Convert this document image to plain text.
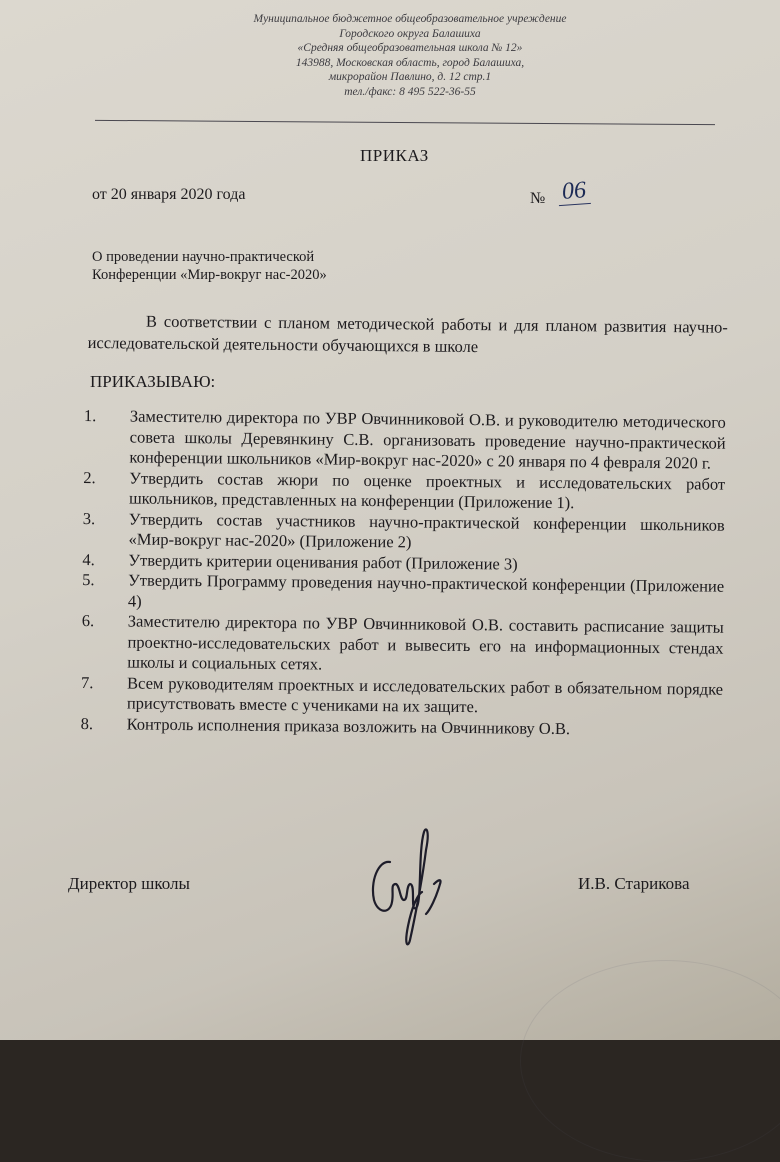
Муниципальное бюджетное общеобразовательное учреждение
Городского округа Балашиха
«Средняя общеобразовательная школа № 12»
143988, Московская область, город Балашиха,
микрорайон Павлино, д. 12 стр.1
тел./факс: 8 495 522-36-55
ПРИКАЗ
от 20 января 2020 года	№ 06
О проведении научно-практической
Конференции «Мир-вокруг нас-2020»
В соответствии с планом методической работы и для планом развития научно-исследовательской деятельности обучающихся в школе
ПРИКАЗЫВАЮ:
1.	Заместителю директора по УВР Овчинниковой О.В. и руководителю методического совета школы Деревянкину С.В. организовать проведение научно-практической конференции школьников «Мир-вокруг нас-2020» с 20 января по 4 февраля 2020 г.
2.	Утвердить состав жюри по оценке проектных и исследовательских работ школьников, представленных на конференции (Приложение 1).
3.	Утвердить состав участников научно-практической конференции школьников «Мир-вокруг нас-2020» (Приложение 2)
4.	Утвердить критерии оценивания работ (Приложение 3)
5.	Утвердить Программу проведения научно-практической конференции (Приложение 4)
6.	Заместителю директора по УВР Овчинниковой О.В. составить расписание защиты проектно-исследовательских работ и вывесить его на информационных стендах школы и социальных сетях.
7.	Всем руководителям проектных и исследовательских работ в обязательном порядке присутствовать вместе с учениками на их защите.
8.	Контроль исполнения приказа возложить на Овчинникову О.В.
Директор школы	И.В. Старикова
